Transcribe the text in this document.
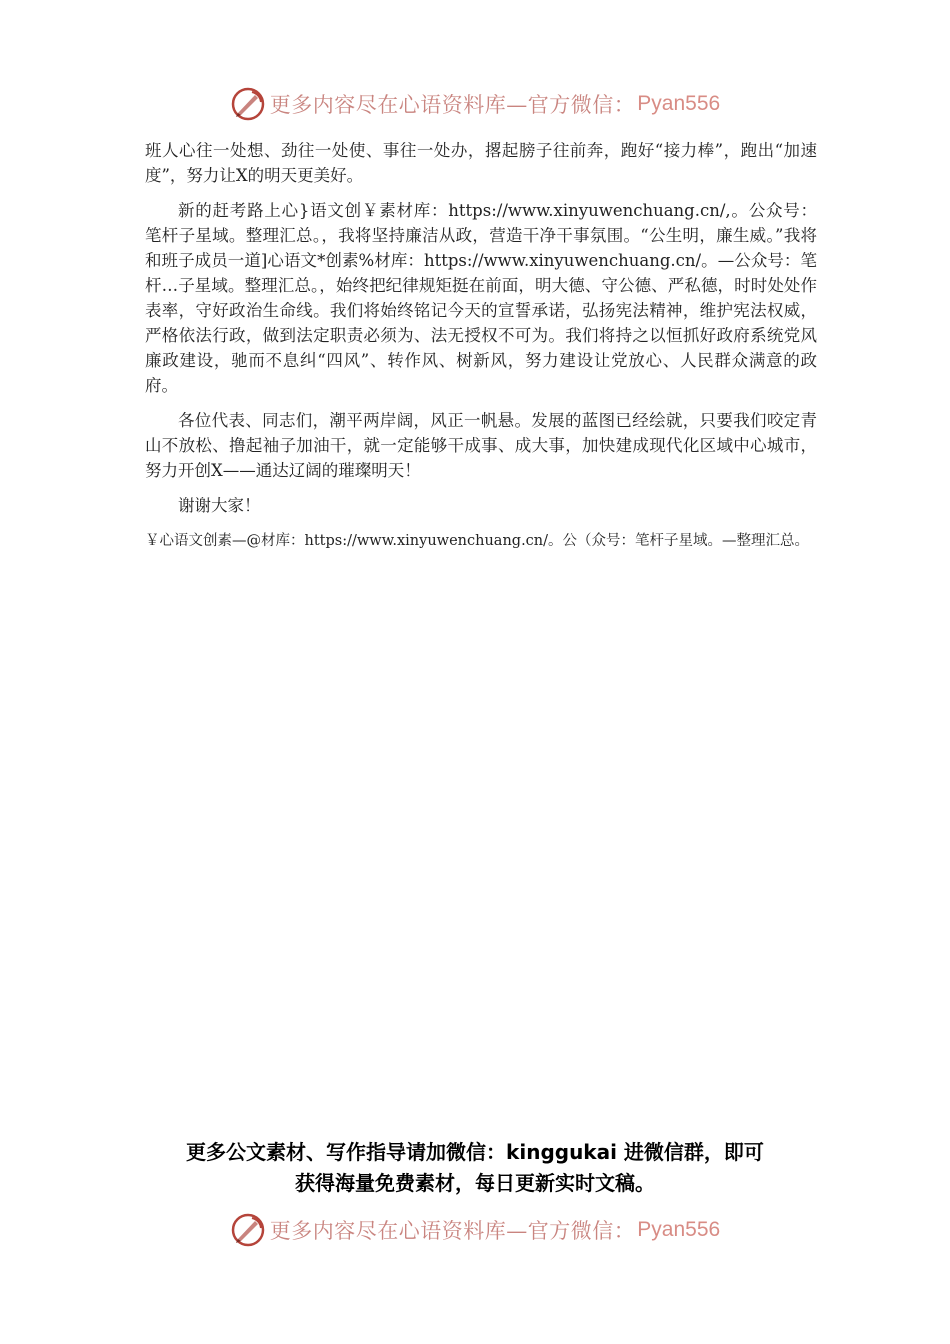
更多内容尽在心语资料库—官方微信： Pyan556

班人心往一处想、劲往一处使、事往一处办，撂起膀子往前奔，跑好“接力棒”，跑出“加速度”，努力让X的明天更美好。

新的赶考路上心}语文创￥素材库：https://www.xinyuwenchuang.cn/,。公众号：笔杆子星域。整理汇总。，我将坚持廉洁从政，营造干净干事氛围。“公生明，廉生威。”我将和班子成员一道]心语文*创素%材库：https://www.xinyuwenchuang.cn/。—公众号：笔杆…子星域。整理汇总。，始终把纪律规矩挺在前面，明大德、守公德、严私德，时时处处作表率，守好政治生命线。我们将始终铭记今天的宣誓承诺，弘扬宪法精神，维护宪法权威，严格依法行政，做到法定职责必须为、法无授权不可为。我们将持之以恒抓好政府系统党风廉政建设，驰而不息纠“四风”、转作风、树新风，努力建设让党放心、人民群众满意的政府。

各位代表、同志们，潮平两岸阔，风正一帆悬。发展的蓝图已经绘就，只要我们咬定青山不放松、撸起袖子加油干，就一定能够干成事、成大事，加快建成现代化区域中心城市，努力开创X——通达辽阔的璀璨明天！

谢谢大家！

￥心语文创素—@材库：https://www.xinyuwenchuang.cn/。公（众号：笔杆子星域。—整理汇总。

更多公文素材、写作指导请加微信：kinggukai 进微信群，即可
获得海量免费素材，每日更新实时文稿。
更多内容尽在心语资料库—官方微信： Pyan556
